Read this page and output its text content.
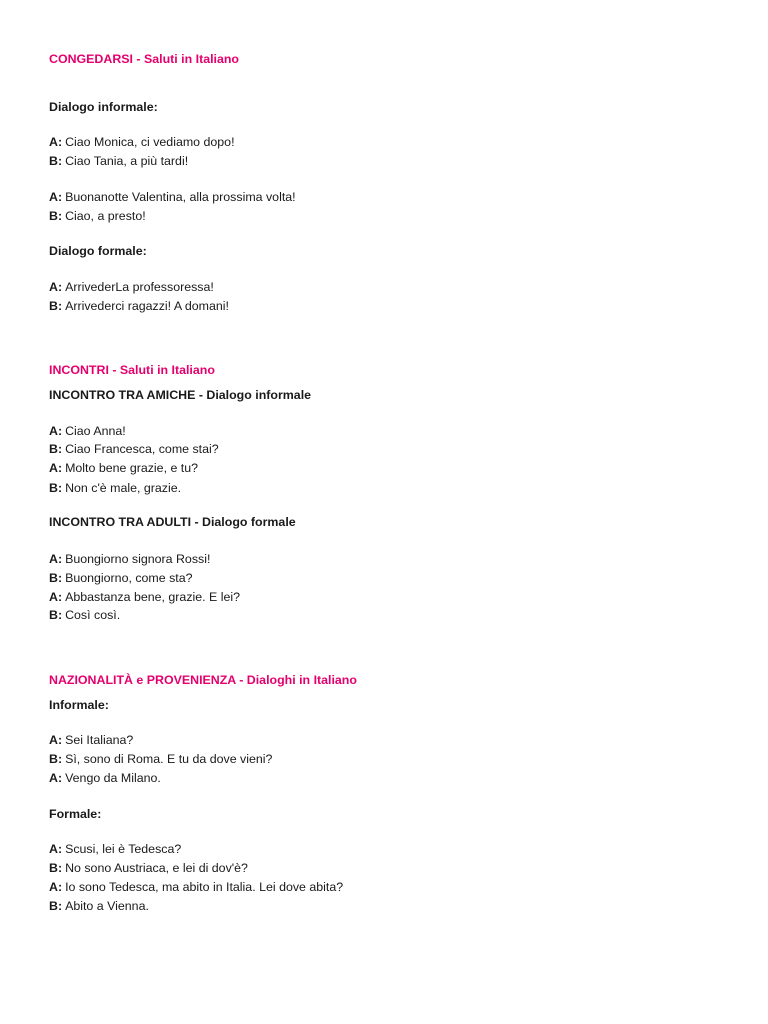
CONGEDARSI - Saluti in Italiano
Dialogo informale:
A: Ciao Monica, ci vediamo dopo!
B: Ciao Tania, a più tardi!
A: Buonanotte Valentina, alla prossima volta!
B: Ciao, a presto!
Dialogo formale:
A: ArrivederLa professoressa!
B: Arrivederci ragazzi! A domani!
INCONTRI - Saluti in Italiano
INCONTRO TRA AMICHE - Dialogo informale
A: Ciao Anna!
B: Ciao Francesca, come stai?
A: Molto bene grazie, e tu?
B: Non c'è male, grazie.
INCONTRO TRA ADULTI - Dialogo formale
A: Buongiorno signora Rossi!
B: Buongiorno, come sta?
A: Abbastanza bene, grazie. E lei?
B: Così così.
NAZIONALITÀ e PROVENIENZA - Dialoghi in Italiano
Informale:
A: Sei Italiana?
B: Sì, sono di Roma. E tu da dove vieni?
A: Vengo da Milano.
Formale:
A: Scusi, lei è Tedesca?
B: No sono Austriaca, e lei di dov'è?
A: Io sono Tedesca, ma abito in Italia. Lei dove abita?
B: Abito a Vienna.
